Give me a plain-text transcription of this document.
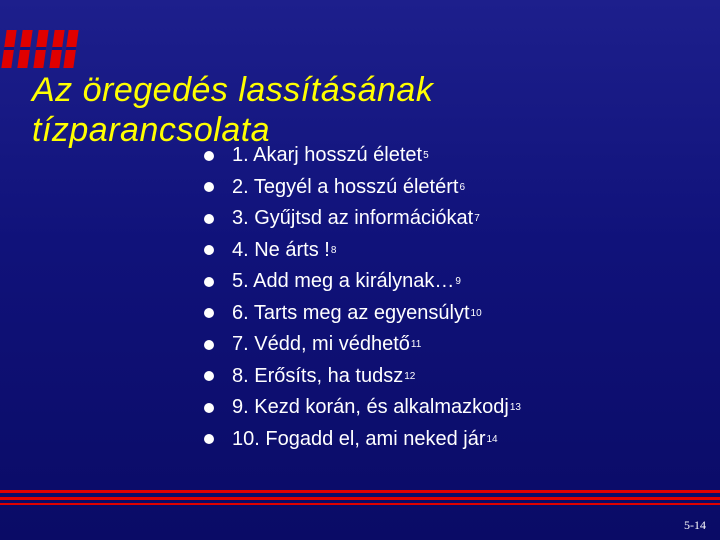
Az öregedés lassításának
tízparancsolata
1. Akarj hosszú életet 5
2. Tegyél a hosszú életért 6
3. Gyűjtsd az információkat 7
4. Ne árts ! 8
5. Add meg a királynak… 9
6. Tarts meg az egyensúlyt 10
7. Védd, mi védhető 11
8. Erősíts, ha tudsz 12
9. Kezd korán, és alkalmazkodj 13
10. Fogadd el, ami neked jár 14
5-14
